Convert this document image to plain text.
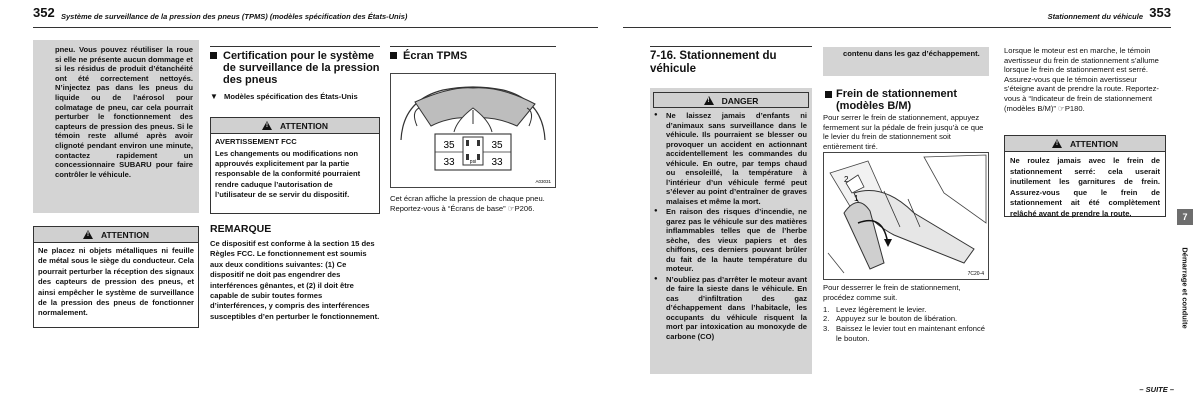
352 Système de surveillance de la pression des pneus (TPMS) (modèles spécification des États-Unis)

pneu. Vous pouvez réutiliser la roue si elle ne présente aucun dommage et si les résidus de produit d’étanchéité ont été correctement nettoyés. N’injectez pas dans les pneus du liquide ou de l’aérosol pour colmatage de pneu, car cela pourrait perturber le fonctionnement des capteurs de pression des pneus. Si le témoin reste allumé après avoir clignoté pendant environ une minute, contactez rapidement un concessionnaire SUBARU pour faire contrôler le véhicule.

!ATTENTION

Ne placez ni objets métalliques ni feuille de métal sous le siège du conducteur. Cela pourrait perturber la réception des signaux des capteurs de pression des pneus, et ainsi empêcher le système de surveillance de la pression des pneus de fonctionner normalement.

Certification pour le système de surveillance de la pression des pneus
▼ Modèles spécification des États-Unis
!ATTENTION

AVERTISSEMENT FCC

Les changements ou modifications non approuvés explicitement par la partie responsable de la conformité pourraient rendre caduque l’autorisation de l’utilisateur de se servir du dispositif.

REMARQUE

Ce dispositif est conforme à la section 15 des Règles FCC. Le fonctionnement est soumis aux deux conditions suivantes: (1) Ce dispositif ne doit pas engendrer des interférences gênantes, et (2) il doit être capable de subir toutes formes d’interférences, y compris des interférences susceptibles d’en perturber le fonctionnement.

Écran TPMS
35	35
33	33
psi
A03031
Cet écran affiche la pression de chaque pneu. Reportez-vous à “Écrans de base” ☞P206.
Stationnement du véhicule 353
7-16. Stationnement du véhicule
!DANGER
● Ne laissez jamais d’enfants ni d’animaux sans surveillance dans le véhicule. Ils pourraient se blesser ou provoquer un accident en actionnant accidentellement les commandes du véhicule. En outre, par temps chaud ou ensoleillé, la température à l’intérieur d’un véhicule fermé peut s’élever au point d’entraîner de graves malaises et même la mort.
● En raison des risques d’incendie, ne garez pas le véhicule sur des matières inflammables telles que de l’herbe sèche, des vieux papiers et des chiffons, ces derniers pouvant brûler du fait de la haute température du moteur.
● N’oubliez pas d’arrêter le moteur avant de faire la sieste dans le véhicule. En cas d’infiltration des gaz d’échappement dans l’habitacle, les occupants du véhicule risquent la mort par intoxication au monoxyde de carbone (CO)

contenu dans les gaz d’échappement.

Frein de stationnement (modèles B/M)
Pour serrer le frein de stationnement, appuyez fermement sur la pédale de frein jusqu’à ce que le levier du frein de stationnement soit entièrement tiré.
2
1
7C20-4

Pour desserrer le frein de stationnement, procédez comme suit.

1. Levez légèrement le levier.
2. Appuyez sur le bouton de libération.
3. Baissez le levier tout en maintenant enfoncé le bouton.
Lorsque le moteur est en marche, le témoin avertisseur du frein de stationnement s’allume lorsque le frein de stationnement est serré. Assurez-vous que le témoin avertisseur s’éteigne avant de prendre la route. Reportez-vous à “Indicateur de frein de stationnement (modèles B/M)” ☞P180.
!ATTENTION

Ne roulez jamais avec le frein de stationnement serré: cela userait inutilement les garnitures de frein. Assurez-vous que le frein de stationnement ait été complètement relâché avant de prendre la route.	7
Démarrage et conduite
– SUITE –
